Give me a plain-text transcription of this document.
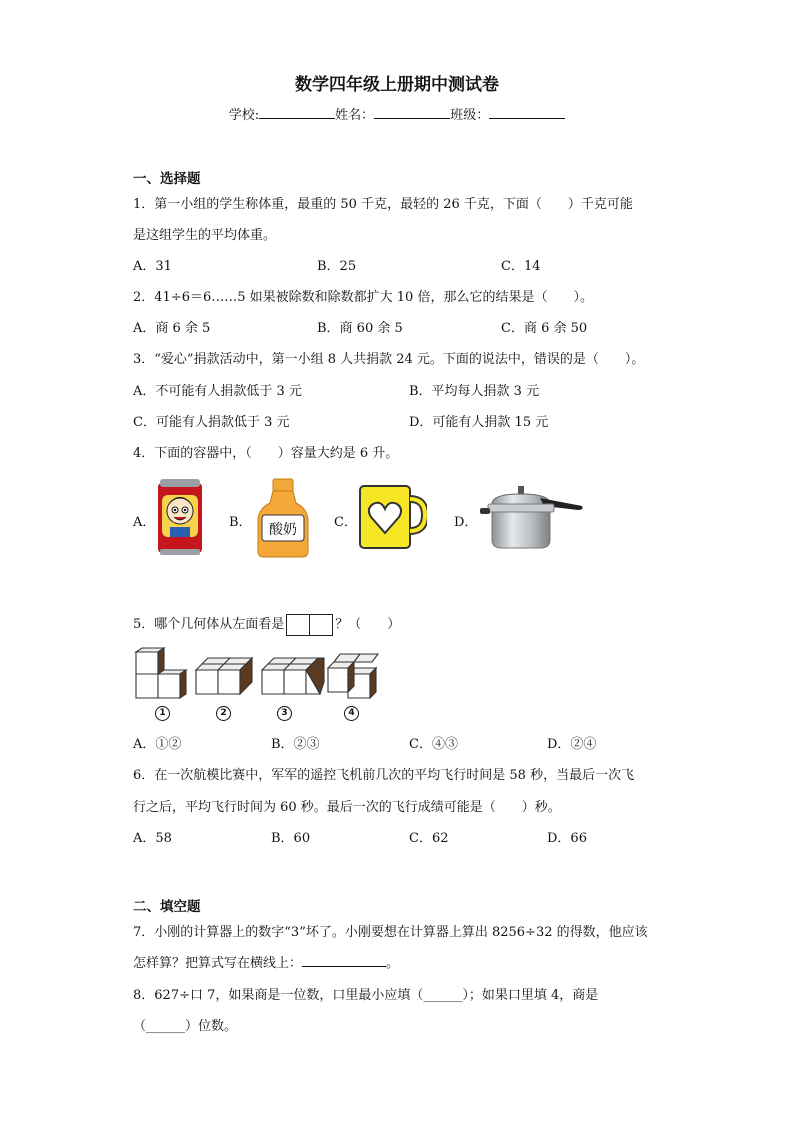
数学四年级上册期中测试卷
学校:	姓名：	班级：
一、选择题
1．第一小组的学生称体重，最重的 50 千克，最轻的 26 千克，下面（　　）千克可能
是这组学生的平均体重。
A．31	B．25	C．14
2．41÷6＝6……5 如果被除数和除数都扩大 10 倍，那么它的结果是（　　）。
A．商 6 余 5	B．商 60 余 5	C．商 6 余 50
3．“爱心”捐款活动中，第一小组 8 人共捐款 24 元。下面的说法中，错误的是（　　）。
A．不可能有人捐款低于 3 元	B．平均每人捐款 3 元
C．可能有人捐款低于 3 元	D．可能有人捐款 15 元
4．下面的容器中，（　　）容量大约是 6 升。
A．	B．	C．	D．
酸奶
5．哪个几何体从左面看是	？（　　）
1	2	3	4
A．①②	B．②③	C．④③	D．②④
6．在一次航模比赛中，军军的遥控飞机前几次的平均飞行时间是 58 秒，当最后一次飞
行之后，平均飞行时间为 60 秒。最后一次的飞行成绩可能是（　　）秒。
A．58	B．60	C．62	D．66
二、填空题
7．小刚的计算器上的数字“3”坏了。小刚要想在计算器上算出 8256÷32 的得数，他应该
怎样算？把算式写在横线上：	。
8．627÷口 7，如果商是一位数，口里最小应填（______）；如果口里填 4，商是
（______）位数。
